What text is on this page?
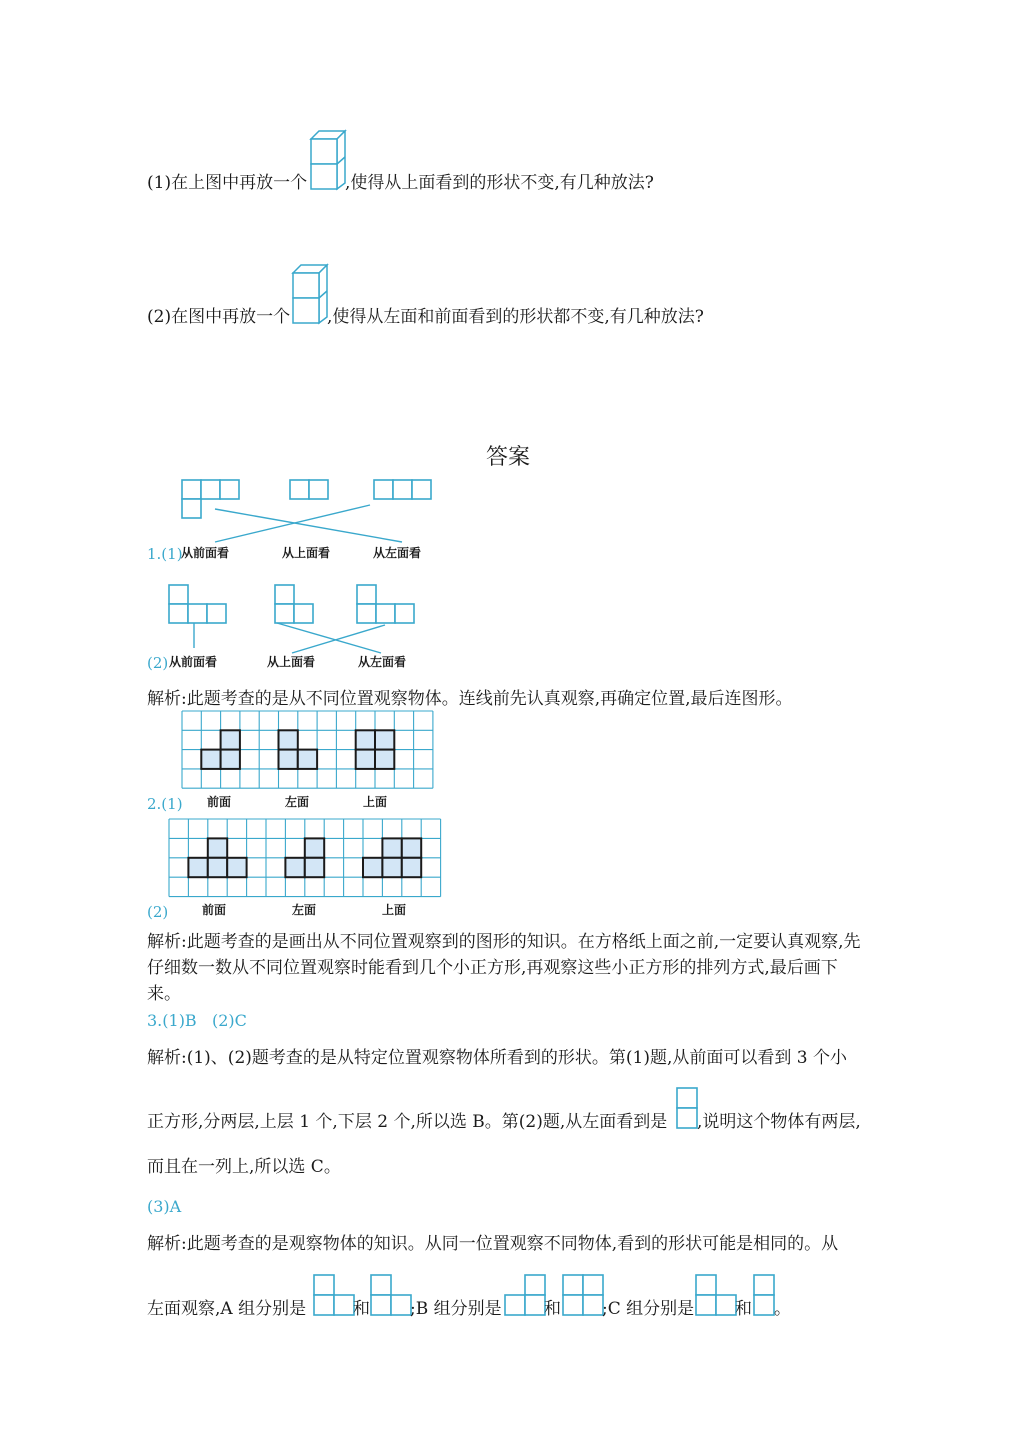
(1)在上图中再放一个 ,使得从上面看到的形状不变,有几种放法?
(2)在图中再放一个 ,使得从左面和前面看到的形状都不变,有几种放法?
答案
1.(1)
从前面看	从上面看	从左面看
(2) 从前面看	从上面看	从左面看
解析:此题考查的是从不同位置观察物体。连线前先认真观察,再确定位置,最后连图形。
2.(1) 前面	左面	上面
(2)	前面	左面	上面
解析:此题考查的是画出从不同位置观察到的图形的知识。在方格纸上面之前,一定要认真观察,先
仔细数一数从不同位置观察时能看到几个小正方形,再观察这些小正方形的排列方式,最后画下
来。
3.(1)B   (2)C
解析:(1)、(2)题考查的是从特定位置观察物体所看到的形状。第(1)题,从前面可以看到 3 个小
正方形,分两层,上层 1 个,下层 2 个,所以选 B。第(2)题,从左面看到是 ,说明这个物体有两层,
而且在一列上,所以选 C。
(3)A
解析:此题考查的是观察物体的知识。从同一位置观察不同物体,看到的形状可能是相同的。从
左面观察,A 组分别是	和 ;B 组分别是 和 ;C 组分别是 和 。
